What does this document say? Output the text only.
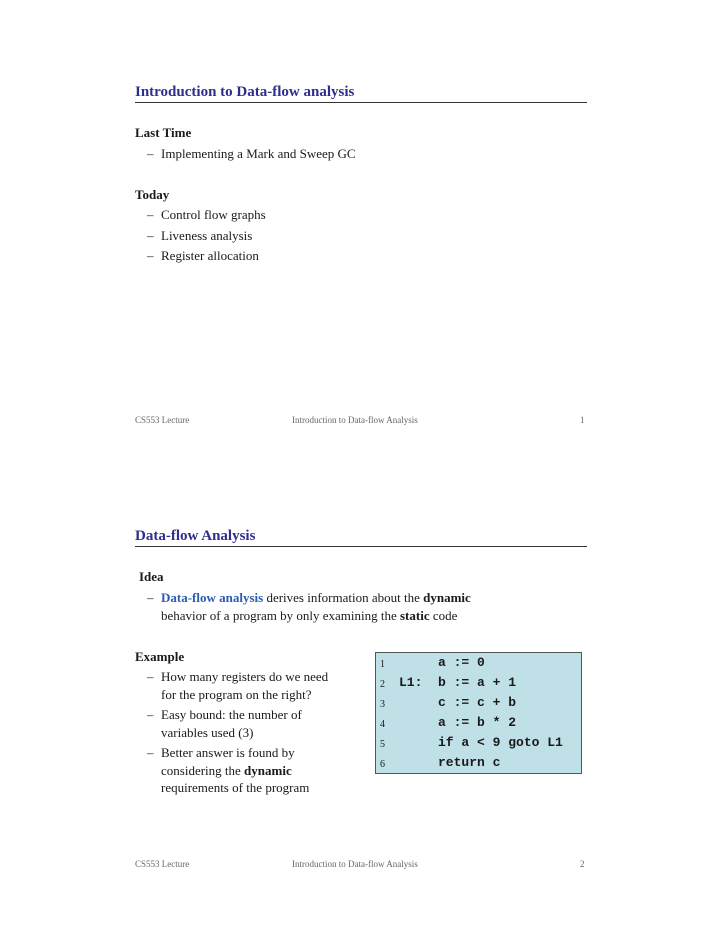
Introduction to Data-flow analysis
Last Time
– Implementing a Mark and Sweep GC
Today
– Control flow graphs
– Liveness analysis
– Register allocation
CS553 Lecture	Introduction to Data-flow Analysis	1
Data-flow Analysis
Idea
– Data-flow analysis derives information about the dynamic
behavior of a program by only examining the static code
Example
– How many registers do we need
for the program on the right?
– Easy bound: the number of
variables used (3)
– Better answer is found by
considering the dynamic
requirements of the program
1	a := 0
2 L1: b := a + 1
3	c := c + b
4	a := b * 2
5	if a < 9 goto L1
6	return c
CS553 Lecture	Introduction to Data-flow Analysis	2
